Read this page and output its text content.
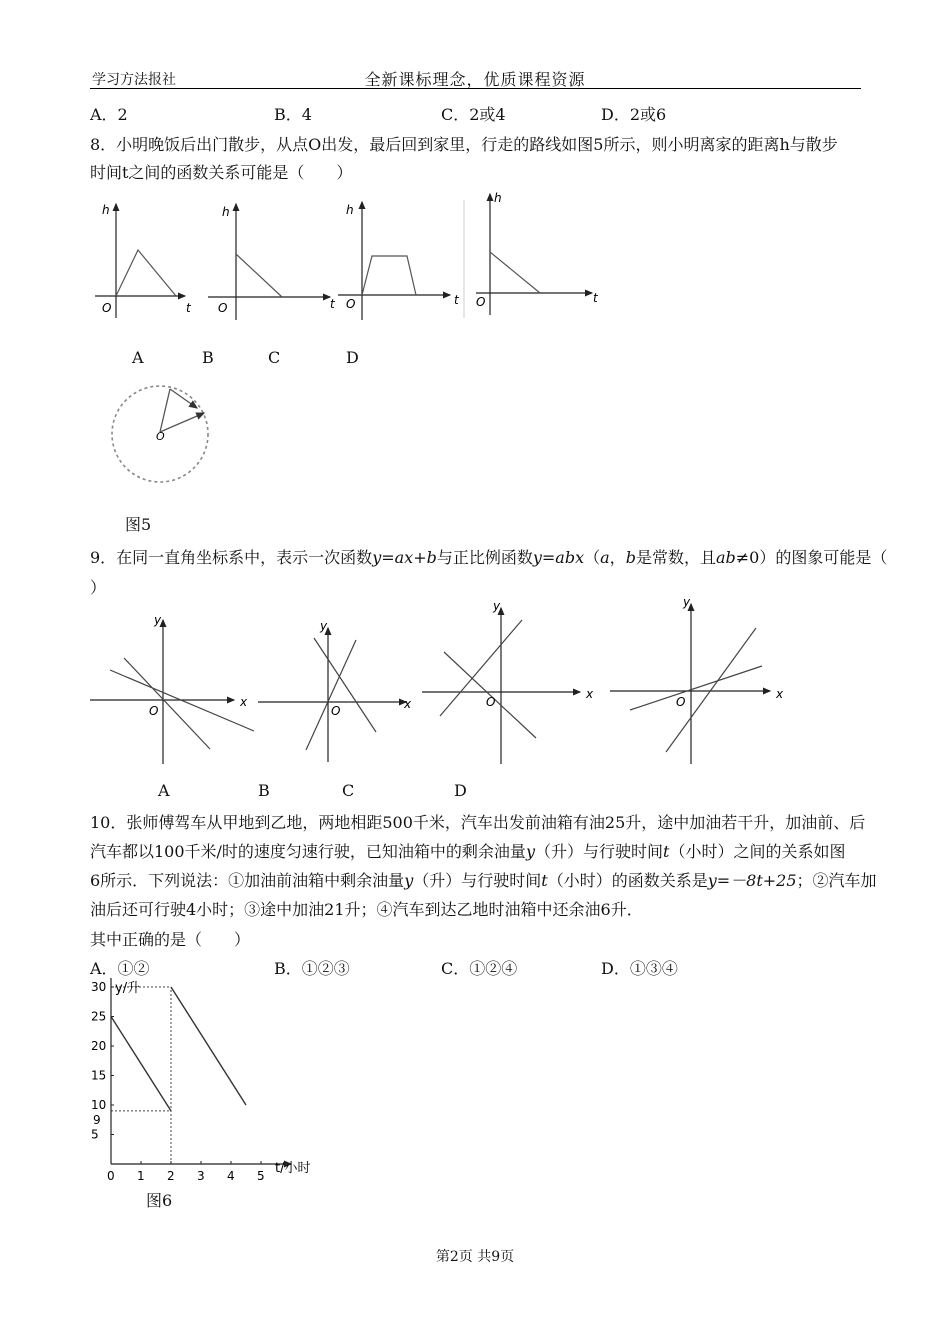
学习方法报社	全新课标理念，优质课程资源
A．2	B．4	C．2或4	D．2或6
8．小明晚饭后出门散步，从点O出发，最后回到家里，行走的路线如图5所示，则小明离家的距离h与散步
时间t之间的函数关系可能是（　　）
h
t
O
h
t
O
h
t
O
h
t
O
A	B	C	D
O
图5
9．在同一直角坐标系中，表示一次函数y=ax+b与正比例函数y=abx（a，b是常数，且ab≠0）的图象可能是（
）
y
x
O
y
x
O
y
x
O
y
x
O
A	B	C	D
10．张师傅驾车从甲地到乙地，两地相距500千米，汽车出发前油箱有油25升，途中加油若干升，加油前、后
汽车都以100千米/时的速度匀速行驶，已知油箱中的剩余油量y（升）与行驶时间t（小时）之间的关系如图
6所示．下列说法：①加油前油箱中剩余油量y（升）与行驶时间t（小时）的函数关系是y=－8t+25；②汽车加
油后还可行驶4小时；③途中加油21升；④汽车到达乙地时油箱中还余油6升．
其中正确的是（　　）
A．①②	B．①②③	C．①②④	D．①③④
0 1 2 3 4 5
5
10
15
20
25
30
9
y/升
t/小时
图6
第2页 共9页
